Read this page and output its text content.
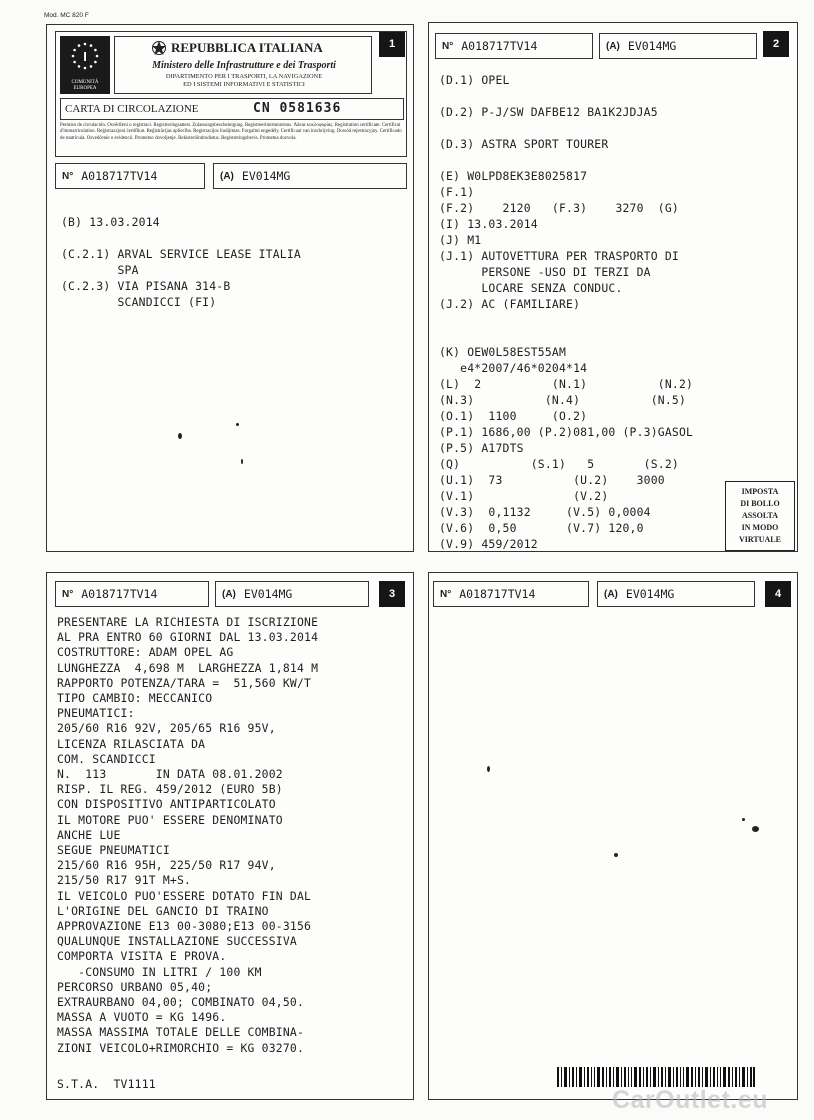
Mod. MC 820 F
1
I
COMUNITÀ
EUROPEA
REPUBBLICA ITALIANA
Ministero delle Infrastrutture e dei Trasporti
DIPARTIMENTO PER I TRASPORTI, LA NAVIGAZIONE
ED I SISTEMI INFORMATIVI E STATISTICI
CARTA DI CIRCOLAZIONE	CN 0581636
Permiso de circulación. Osvědčení o registraci. Registreringsattest. Zulassungsbescheinigung. Registreerimistunnistus. Άδεια κυκλοφορίας. Registration certificate. Certificat d'immatriculation. Reġistrazzjoni ċertifikat. Reģistrācijas apliecība. Registracijos liudijimas. Forgalmi engedély. Certificaat van inschrijving. Dowód rejestracyjny. Certificado de matrícula. Osvedčenie o evidencii. Prometno dovoljenje. Rekisteröintitodistus. Registreringsbevis. Prometna dozvola.
N° A018717TV14	(A) EV014MG
(B) 13.03.2014
(C.2.1) ARVAL SERVICE LEASE ITALIA
SPA
(C.2.3) VIA PISANA 314-B
SCANDICCI (FI)
2
N° A018717TV14	(A) EV014MG
(D.1) OPEL
(D.2) P-J/SW DAFBE12 BA1K2JDJA5
(D.3) ASTRA SPORT TOURER
(E) W0LPD8EK3E8025817
(F.1)
(F.2)    2120   (F.3)    3270  (G)
(I) 13.03.2014
(J) M1
(J.1) AUTOVETTURA PER TRASPORTO DI
PERSONE -USO DI TERZI DA
LOCARE SENZA CONDUC.
(J.2) AC (FAMILIARE)
(K) OEW0L58EST55AM
e4*2007/46*0204*14
(L)  2          (N.1)          (N.2)
(N.3)          (N.4)          (N.5)
(O.1)  1100     (O.2)
(P.1) 1686,00 (P.2)081,00 (P.3)GASOL
(P.5) A17DTS
(Q)          (S.1)   5       (S.2)
(U.1)  73          (U.2)    3000
(V.1)              (V.2)
(V.3)  0,1132     (V.5) 0,0004
(V.6)  0,50       (V.7) 120,0
(V.9) 459/2012
IMPOSTA
DI BOLLO
ASSOLTA
IN MODO
VIRTUALE
3
N° A018717TV14	(A) EV014MG
PRESENTARE LA RICHIESTA DI ISCRIZIONE
AL PRA ENTRO 60 GIORNI DAL 13.03.2014
COSTRUTTORE: ADAM OPEL AG
LUNGHEZZA  4,698 M  LARGHEZZA 1,814 M
RAPPORTO POTENZA/TARA =  51,560 KW/T
TIPO CAMBIO: MECCANICO
PNEUMATICI:
205/60 R16 92V, 205/65 R16 95V,
LICENZA RILASCIATA DA
COM. SCANDICCI
N.  113       IN DATA 08.01.2002
RISP. IL REG. 459/2012 (EURO 5B)
CON DISPOSITIVO ANTIPARTICOLATO
IL MOTORE PUO' ESSERE DENOMINATO
ANCHE LUE
SEGUE PNEUMATICI
215/60 R16 95H, 225/50 R17 94V,
215/50 R17 91T M+S.
IL VEICOLO PUO'ESSERE DOTATO FIN DAL
L'ORIGINE DEL GANCIO DI TRAINO
APPROVAZIONE E13 00-3080;E13 00-3156
QUALUNQUE INSTALLAZIONE SUCCESSIVA
COMPORTA VISITA E PROVA.
-CONSUMO IN LITRI / 100 KM
PERCORSO URBANO 05,40;
EXTRAURBANO 04,00; COMBINATO 04,50.
MASSA A VUOTO = KG 1496.
MASSA MASSIMA TOTALE DELLE COMBINA-
ZIONI VEICOLO+RIMORCHIO = KG 03270.
S.T.A.  TV1111
4
N° A018717TV14	(A) EV014MG
CarOutlet.eu
